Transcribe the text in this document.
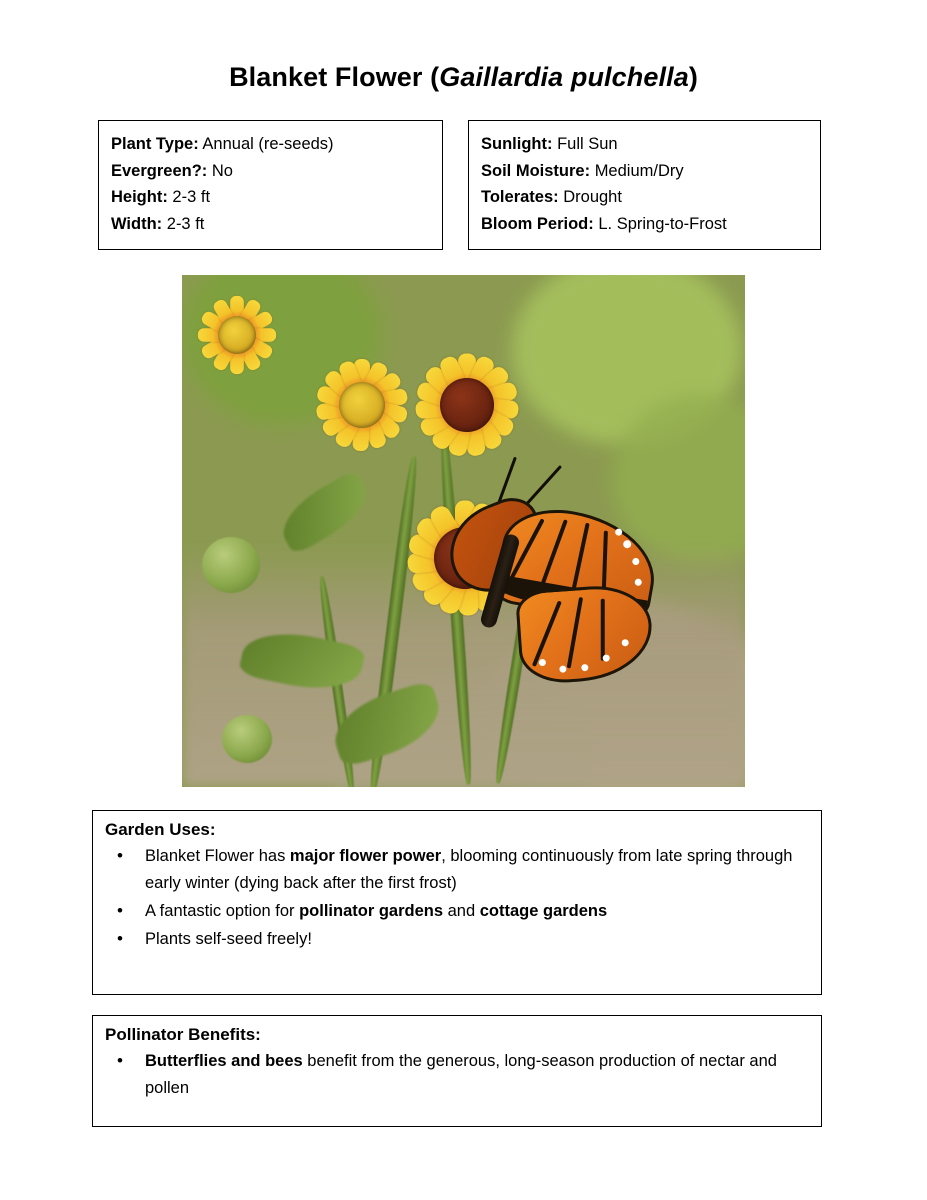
Blanket Flower (Gaillardia pulchella)
Plant Type: Annual (re-seeds)
Evergreen?: No
Height: 2-3 ft
Width: 2-3 ft
Sunlight: Full Sun
Soil Moisture: Medium/Dry
Tolerates: Drought
Bloom Period: L. Spring-to-Frost
Garden Uses:
• Blanket Flower has major flower power, blooming continuously from late spring through early winter (dying back after the first frost)
• A fantastic option for pollinator gardens and cottage gardens
• Plants self-seed freely!
Pollinator Benefits:
• Butterflies and bees benefit from the generous, long-season production of nectar and pollen
